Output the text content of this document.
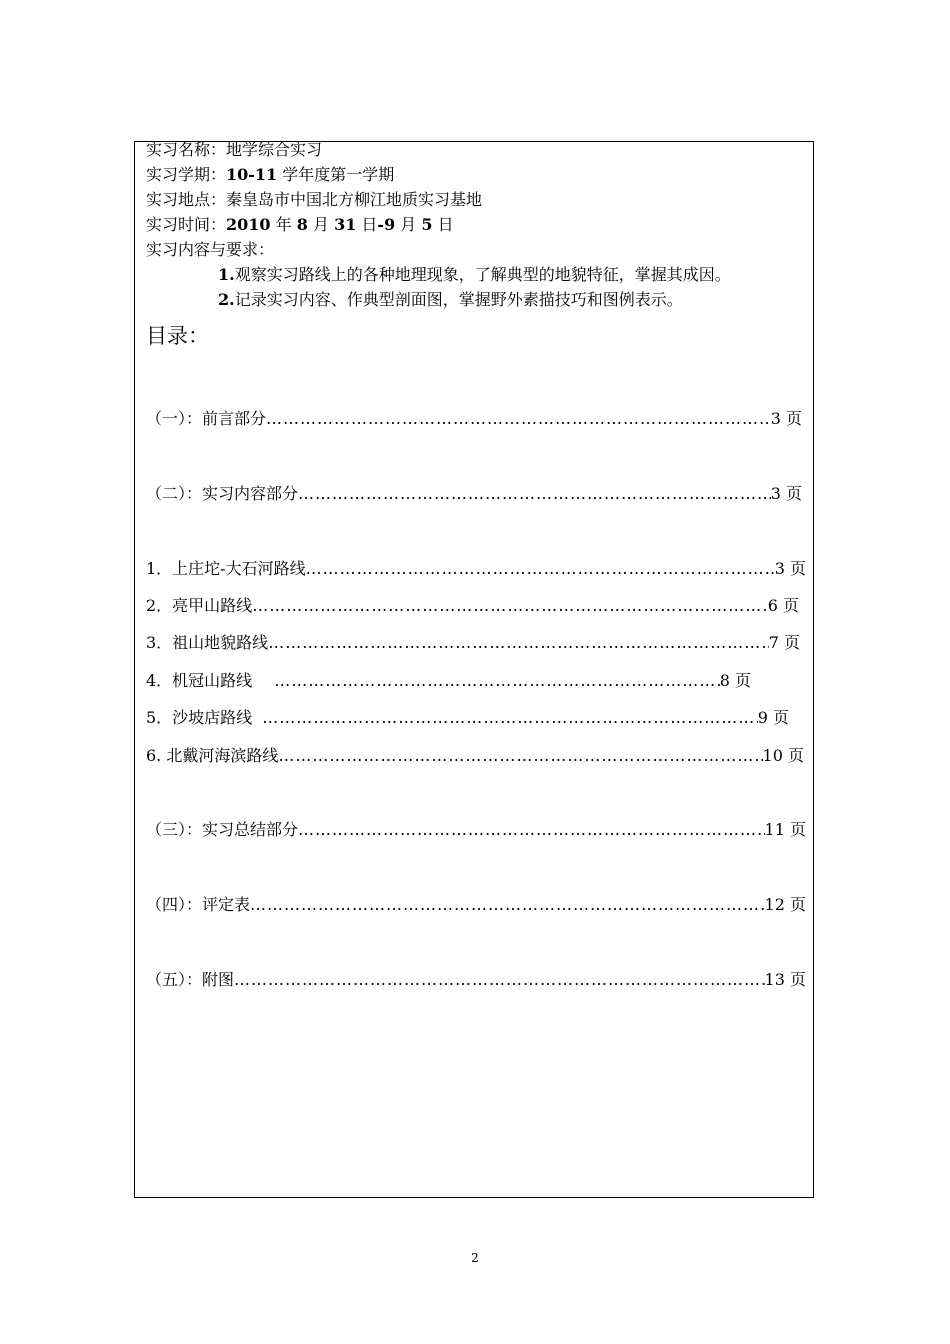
实习名称：地学综合实习
实习学期：10-11 学年度第一学期
实习地点：秦皇岛市中国北方柳江地质实习基地
实习时间：2010 年 8 月 31 日-9 月 5 日
实习内容与要求：
1.观察实习路线上的各种地理现象，了解典型的地貌特征，掌握其成因。
2.记录实习内容、作典型剖面图，掌握野外素描技巧和图例表示。
目录：
（一）：前言部分 ……………………………………………………………………………………………………………………………………………………………………………………………………………………	3 页
（二）：实习内容部分 ……………………………………………………………………………………………………………………………………………………………………………………………………………………	3 页
1．上庄坨-大石河路线 ……………………………………………………………………………………………………………………………………………………………………………………………………………………	3 页
2．亮甲山路线 ……………………………………………………………………………………………………………………………………………………………………………………………………………………	6 页
3．祖山地貌路线 ……………………………………………………………………………………………………………………………………………………………………………………………………………………	7 页
4．机冠山路线 ……………………………………………………………………………………………………………………………………………………………………………………………………………………	8 页
5．沙坡店路线 ……………………………………………………………………………………………………………………………………………………………………………………………………………………	9 页
6. 北戴河海滨路线 ……………………………………………………………………………………………………………………………………………………………………………………………………………………	10 页
（三）：实习总结部分 ……………………………………………………………………………………………………………………………………………………………………………………………………………………	11 页
（四）：评定表 ……………………………………………………………………………………………………………………………………………………………………………………………………………………	12 页
（五）：附图 ……………………………………………………………………………………………………………………………………………………………………………………………………………………	13 页
2
